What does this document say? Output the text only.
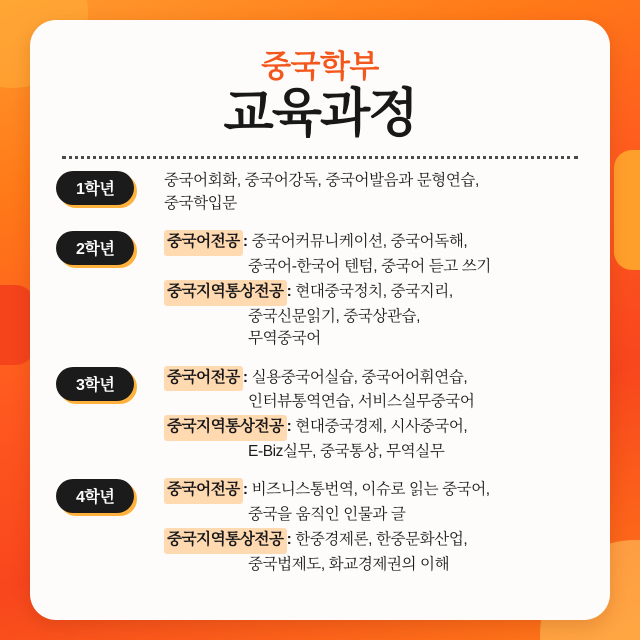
중국학부
교육과정
1학년
중국어회화, 중국어강독, 중국어발음과 문형연습,
중국학입문
2학년	중국어전공 : 중국어커뮤니케이션, 중국어독해,
중국어-한국어 텐텀, 중국어 듣고 쓰기
중국지역통상전공 : 현대중국정치, 중국지리,
중국신문읽기, 중국상관습,
무역중국어
3학년	중국어전공 : 실용중국어실습, 중국어어휘연습,
인터뷰통역연습, 서비스실무중국어
중국지역통상전공 : 현대중국경제, 시사중국어,
E-Biz실무, 중국통상, 무역실무
4학년	중국어전공 : 비즈니스통번역, 이슈로 읽는 중국어,
중국을 움직인 인물과 글
중국지역통상전공 : 한중경제론, 한중문화산업,
중국법제도, 화교경제권의 이해
